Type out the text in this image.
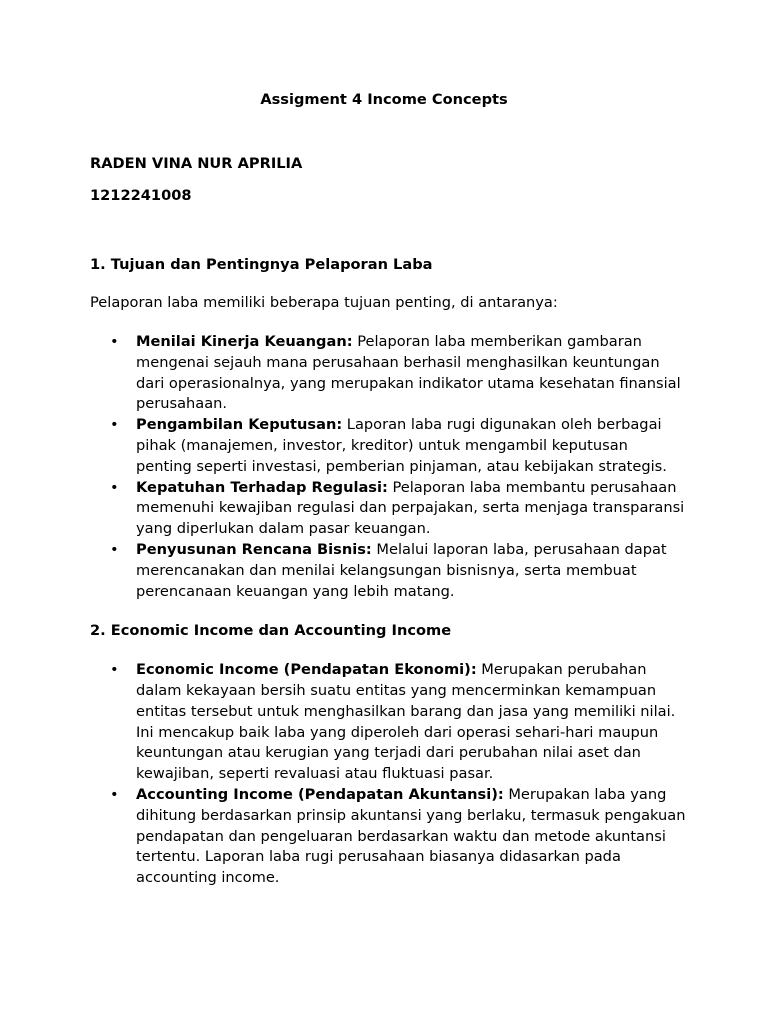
Assigment 4 Income Concepts

RADEN VINA NUR APRILIA

1212241008

1. Tujuan dan Pentingnya Pelaporan Laba

Pelaporan laba memiliki beberapa tujuan penting, di antaranya:

• Menilai Kinerja Keuangan: Pelaporan laba memberikan gambaran mengenai sejauh mana perusahaan berhasil menghasilkan keuntungan dari operasionalnya, yang merupakan indikator utama kesehatan finansial perusahaan.
• Pengambilan Keputusan: Laporan laba rugi digunakan oleh berbagai pihak (manajemen, investor, kreditor) untuk mengambil keputusan penting seperti investasi, pemberian pinjaman, atau kebijakan strategis.
• Kepatuhan Terhadap Regulasi: Pelaporan laba membantu perusahaan memenuhi kewajiban regulasi dan perpajakan, serta menjaga transparansi yang diperlukan dalam pasar keuangan.
• Penyusunan Rencana Bisnis: Melalui laporan laba, perusahaan dapat merencanakan dan menilai kelangsungan bisnisnya, serta membuat perencanaan keuangan yang lebih matang.

2. Economic Income dan Accounting Income

• Economic Income (Pendapatan Ekonomi): Merupakan perubahan dalam kekayaan bersih suatu entitas yang mencerminkan kemampuan entitas tersebut untuk menghasilkan barang dan jasa yang memiliki nilai. Ini mencakup baik laba yang diperoleh dari operasi sehari-hari maupun keuntungan atau kerugian yang terjadi dari perubahan nilai aset dan kewajiban, seperti revaluasi atau fluktuasi pasar.
• Accounting Income (Pendapatan Akuntansi): Merupakan laba yang dihitung berdasarkan prinsip akuntansi yang berlaku, termasuk pengakuan pendapatan dan pengeluaran berdasarkan waktu dan metode akuntansi tertentu. Laporan laba rugi perusahaan biasanya didasarkan pada accounting income.
